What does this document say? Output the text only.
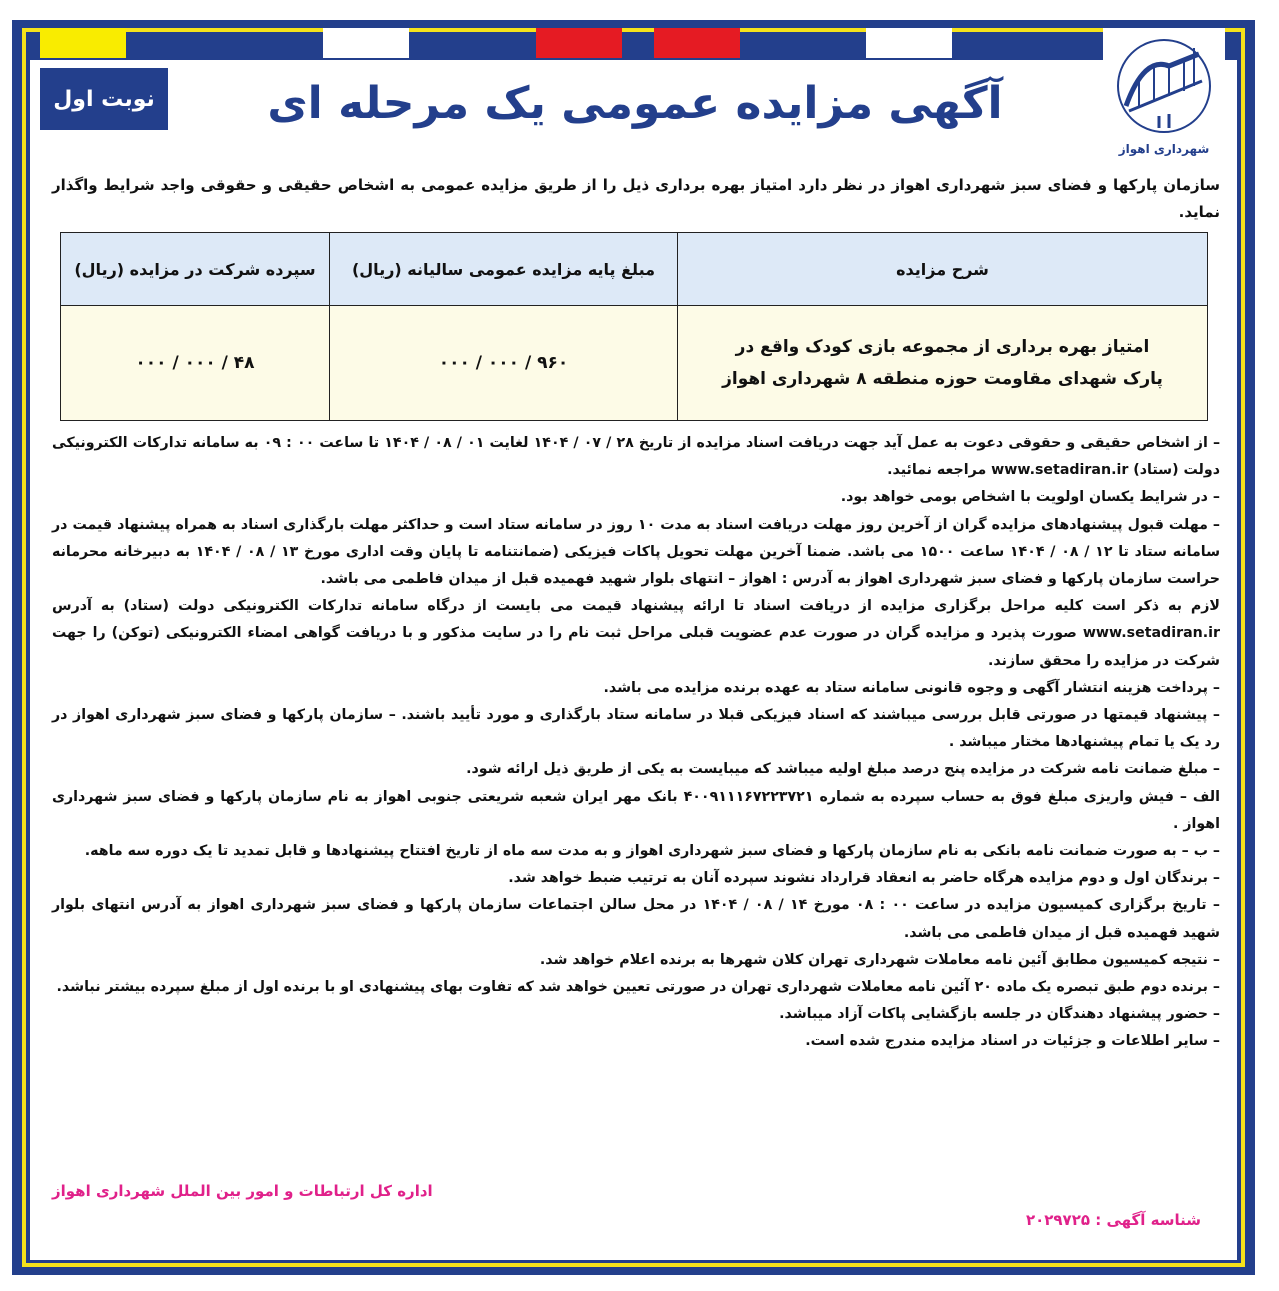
شهرداری اهواز
نوبت اول	آگهی مزایده عمومی یک مرحله ای
سازمان پارکها و فضای سبز شهرداری اهواز در نظر دارد امتیاز بهره برداری ذیل را از طریق مزایده عمومی به اشخاص حقیقی و حقوقی واجد شرایط واگذار نماید.
شرح مزایده	مبلغ پایه مزایده عمومی سالیانه (ریال)	سپرده شرکت در مزایده (ریال)
امتیاز بهره برداری از مجموعه بازی کودک واقع در پارک شهدای مقاومت حوزه منطقه ۸ شهرداری اهواز	۹۶۰ / ۰۰۰ / ۰۰۰	۴۸ / ۰۰۰ / ۰۰۰

– از اشخاص حقیقی و حقوقی دعوت به عمل آید جهت دریافت اسناد مزایده از تاریخ ۲۸ / ۰۷ / ۱۴۰۴ لغایت ۰۱ / ۰۸ / ۱۴۰۴ تا ساعت ۰۰ : ۰۹ به سامانه تدارکات الکترونیکی دولت (ستاد) www.setadiran.ir مراجعه نمائید.

– در شرایط یکسان اولویت با اشخاص بومی خواهد بود.

– مهلت قبول پیشنهادهای مزایده گران از آخرین روز مهلت دریافت اسناد به مدت ۱۰ روز در سامانه ستاد است و حداکثر مهلت بارگذاری اسناد به همراه پیشنهاد قیمت در سامانه ستاد تا ۱۲ / ۰۸ / ۱۴۰۴ ساعت ۱۵۰۰ می باشد. ضمنا آخرین مهلت تحویل پاکات فیزیکی (ضمانتنامه تا پایان وقت اداری مورخ ۱۳ / ۰۸ / ۱۴۰۴ به دبیرخانه محرمانه حراست سازمان پارکها و فضای سبز شهرداری اهواز به آدرس : اهواز – انتهای بلوار شهید فهمیده قبل از میدان فاطمی می باشد.

لازم به ذکر است کلیه مراحل برگزاری مزایده از دریافت اسناد تا ارائه پیشنهاد قیمت می بایست از درگاه سامانه تدارکات الکترونیکی دولت (ستاد) به آدرس www.setadiran.ir صورت پذیرد و مزایده گران در صورت عدم عضویت قبلی مراحل ثبت نام را در سایت مذکور و با دریافت گواهی امضاء الکترونیکی (توکن) را جهت شرکت در مزایده را محقق سازند.

– پرداخت هزینه انتشار آگهی و وجوه قانونی سامانه ستاد به عهده برنده مزایده می باشد.

– پیشنهاد قیمتها در صورتی قابل بررسی میباشند که اسناد فیزیکی قبلا در سامانه ستاد بارگذاری و مورد تأیید باشند. – سازمان پارکها و فضای سبز شهرداری اهواز در رد یک یا تمام پیشنهادها مختار میباشد .

– مبلغ ضمانت نامه شرکت در مزایده پنج درصد مبلغ اولیه میباشد که میبایست به یکی از طریق ذیل ارائه شود.

الف – فیش واریزی مبلغ فوق به حساب سپرده به شماره ۴۰۰۹۱۱۱۶۷۲۲۳۷۲۱ بانک مهر ایران شعبه شریعتی جنوبی اهواز به نام سازمان پارکها و فضای سبز شهرداری اهواز .

– ب – به صورت ضمانت نامه بانکی به نام سازمان پارکها و فضای سبز شهرداری اهواز و به مدت سه ماه از تاریخ افتتاح پیشنهادها و قابل تمدید تا یک دوره سه ماهه.

– برندگان اول و دوم مزایده هرگاه حاضر به انعقاد قرارداد نشوند سپرده آنان به ترتیب ضبط خواهد شد.

– تاریخ برگزاری کمیسیون مزایده در ساعت ۰۰ : ۰۸ مورخ ۱۴ / ۰۸ / ۱۴۰۴ در محل سالن اجتماعات سازمان پارکها و فضای سبز شهرداری اهواز به آدرس انتهای بلوار شهید فهمیده قبل از میدان فاطمی می باشد.

– نتیجه کمیسیون مطابق آئین نامه معاملات شهرداری تهران کلان شهرها به برنده اعلام خواهد شد.

– برنده دوم طبق تبصره یک ماده ۲۰ آئین نامه معاملات شهرداری تهران در صورتی تعیین خواهد شد که تفاوت بهای پیشنهادی او با برنده اول از مبلغ سپرده بیشتر نباشد.

– حضور پیشنهاد دهندگان در جلسه بازگشایی پاکات آزاد میباشد.

– سایر اطلاعات و جزئیات در اسناد مزایده مندرج شده است.

اداره کل ارتباطات و امور بین الملل شهرداری اهواز
شناسه آگهی : ۲۰۲۹۷۲۵
